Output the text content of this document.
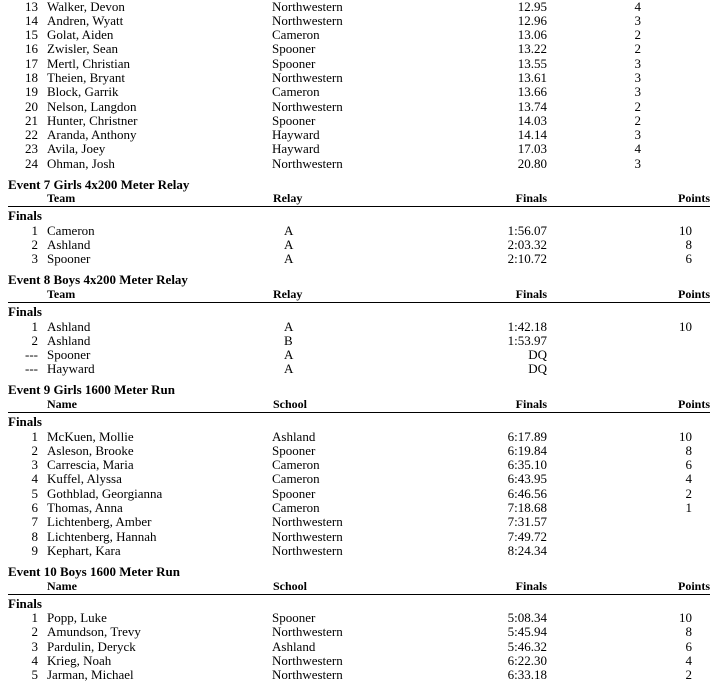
13 Walker, Devon	Northwestern	12.95	4
14 Andren, Wyatt	Northwestern	12.96	3
15 Golat, Aiden	Cameron	13.06	2
16 Zwisler, Sean	Spooner	13.22	2
17 Mertl, Christian	Spooner	13.55	3
18 Theien, Bryant	Northwestern	13.61	3
19 Block, Garrik	Cameron	13.66	3
20 Nelson, Langdon	Northwestern	13.74	2
21 Hunter, Christner	Spooner	14.03	2
22 Aranda, Anthony	Hayward	14.14	3
23 Avila, Joey	Hayward	17.03	4
24 Ohman, Josh	Northwestern	20.80	3
Event 7 Girls 4x200 Meter Relay
Team	Relay	Finals	Points
Finals
1 Cameron	A	1:56.07	10
2 Ashland	A	2:03.32	8
3 Spooner	A	2:10.72	6
Event 8 Boys 4x200 Meter Relay
Team	Relay	Finals	Points
Finals
1 Ashland	A	1:42.18	10
2 Ashland	B	1:53.97
--- Spooner	A	DQ
--- Hayward	A	DQ
Event 9 Girls 1600 Meter Run
Name	School	Finals	Points
Finals
1 McKuen, Mollie	Ashland	6:17.89	10
2 Asleson, Brooke	Spooner	6:19.84	8
3 Carrescia, Maria	Cameron	6:35.10	6
4 Kuffel, Alyssa	Cameron	6:43.95	4
5 Gothblad, Georgianna	Spooner	6:46.56	2
6 Thomas, Anna	Cameron	7:18.68	1
7 Lichtenberg, Amber	Northwestern	7:31.57
8 Lichtenberg, Hannah	Northwestern	7:49.72
9 Kephart, Kara	Northwestern	8:24.34
Event 10 Boys 1600 Meter Run
Name	School	Finals	Points
Finals
1 Popp, Luke	Spooner	5:08.34	10
2 Amundson, Trevy	Northwestern	5:45.94	8
3 Pardulin, Deryck	Ashland	5:46.32	6
4 Krieg, Noah	Northwestern	6:22.30	4
5 Jarman, Michael	Northwestern	6:33.18	2
